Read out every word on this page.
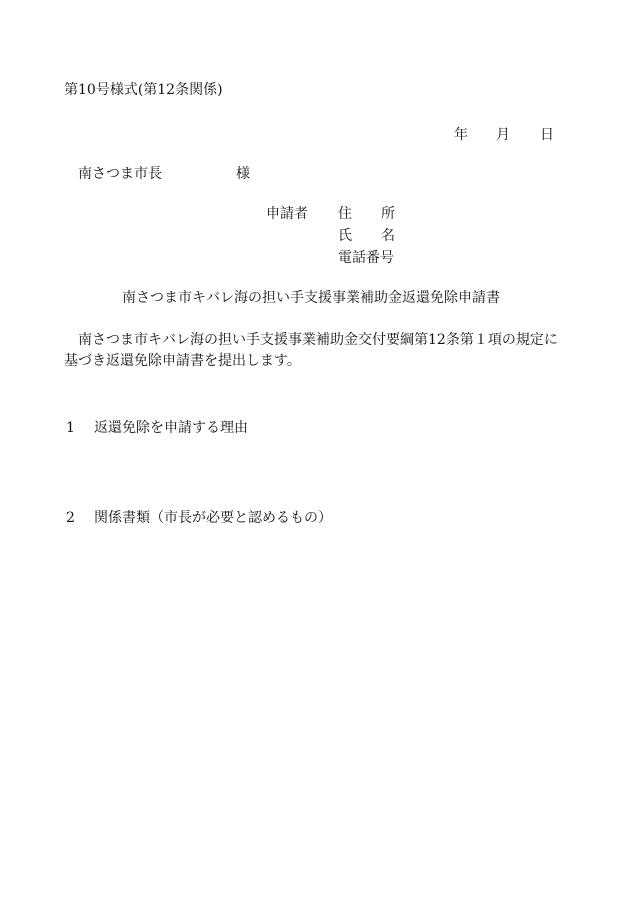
第10号様式(第12条関係)
年 月 日
南さつま市長	様
申請者 住 所
氏 名
電話番号
南さつま市キバレ海の担い手支援事業補助金返還免除申請書
南さつま市キバレ海の担い手支援事業補助金交付要綱第12条第１項の規定に
基づき返還免除申請書を提出します。
1 返還免除を申請する理由
2 関係書類（市長が必要と認めるもの）
